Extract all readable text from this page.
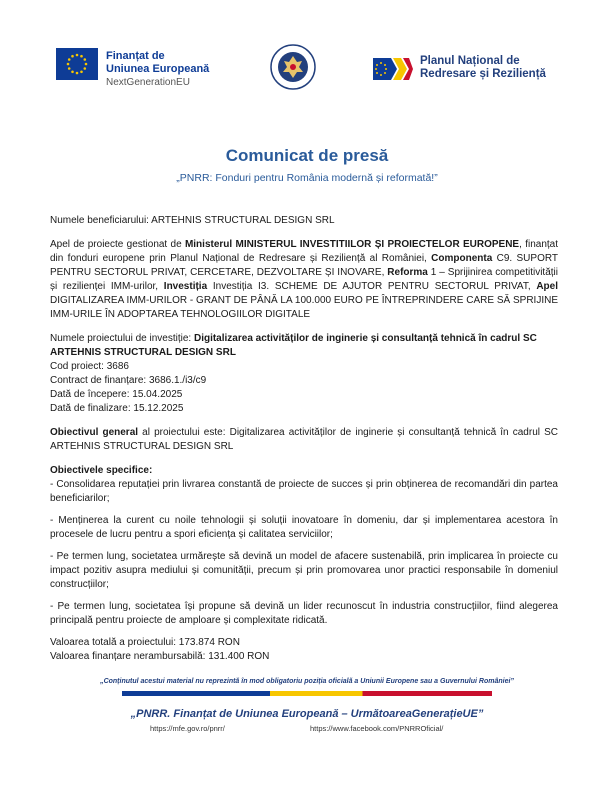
Finanțat de
Uniunea Europeană
NextGenerationEU
Planul Național de
Redresare și Reziliență
Comunicat de presă
„PNRR: Fonduri pentru România modernă și reformată!”

Numele beneficiarului: ARTEHNIS STRUCTURAL DESIGN SRL

Apel de proiecte gestionat de Ministerul MINISTERUL INVESTITIILOR ȘI PROIECTELOR EUROPENE, finanțat din fonduri europene prin Planul Național de Redresare și Reziliență al României, Componenta C9. SUPORT PENTRU SECTORUL PRIVAT, CERCETARE, DEZVOLTARE ȘI INOVARE, Reforma 1 – Sprijinirea competitivității și rezilienței IMM-urilor, Investiția Investiția I3. SCHEME DE AJUTOR PENTRU SECTORUL PRIVAT, Apel DIGITALIZAREA IMM-URILOR - GRANT DE PÂNĂ LA 100.000 EURO PE ÎNTREPRINDERE CARE SĂ SPRIJINE IMM-URILE ÎN ADOPTAREA TEHNOLOGIILOR DIGITALE

Numele proiectului de investiție: Digitalizarea activităților de inginerie și consultanță tehnică în cadrul SC ARTEHNIS STRUCTURAL DESIGN SRL

Cod proiect: 3686

Contract de finanțare: 3686.1./i3/c9

Dată de începere: 15.04.2025

Dată de finalizare: 15.12.2025

Obiectivul general al proiectului este: Digitalizarea activităților de inginerie și consultanță tehnică în cadrul SC ARTEHNIS STRUCTURAL DESIGN SRL

Obiectivele specifice:

- Consolidarea reputației prin livrarea constantă de proiecte de succes și prin obținerea de recomandări din partea beneficiarilor;

- Menținerea la curent cu noile tehnologii și soluții inovatoare în domeniu, dar și implementarea acestora în procesele de lucru pentru a spori eficiența și calitatea serviciilor;

- Pe termen lung, societatea urmărește să devină un model de afacere sustenabilă, prin implicarea în proiecte cu impact pozitiv asupra mediului și comunității, precum și prin promovarea unor practici responsabile în domeniul construcțiilor;

- Pe termen lung, societatea își propune să devină un lider recunoscut în industria construcțiilor, fiind alegerea principală pentru proiecte de amploare și complexitate ridicată.

Valoarea totală a proiectului: 173.874 RON

Valoarea finanțare nerambursabilă: 131.400 RON

„Conținutul acestui material nu reprezintă în mod obligatoriu poziția oficială a Uniunii Europene sau a Guvernului României”
„PNRR. Finanțat de Uniunea Europeană – UrmătoareaGenerațieUE”
https://mfe.gov.ro/pnrr/	https://www.facebook.com/PNRROficial/
